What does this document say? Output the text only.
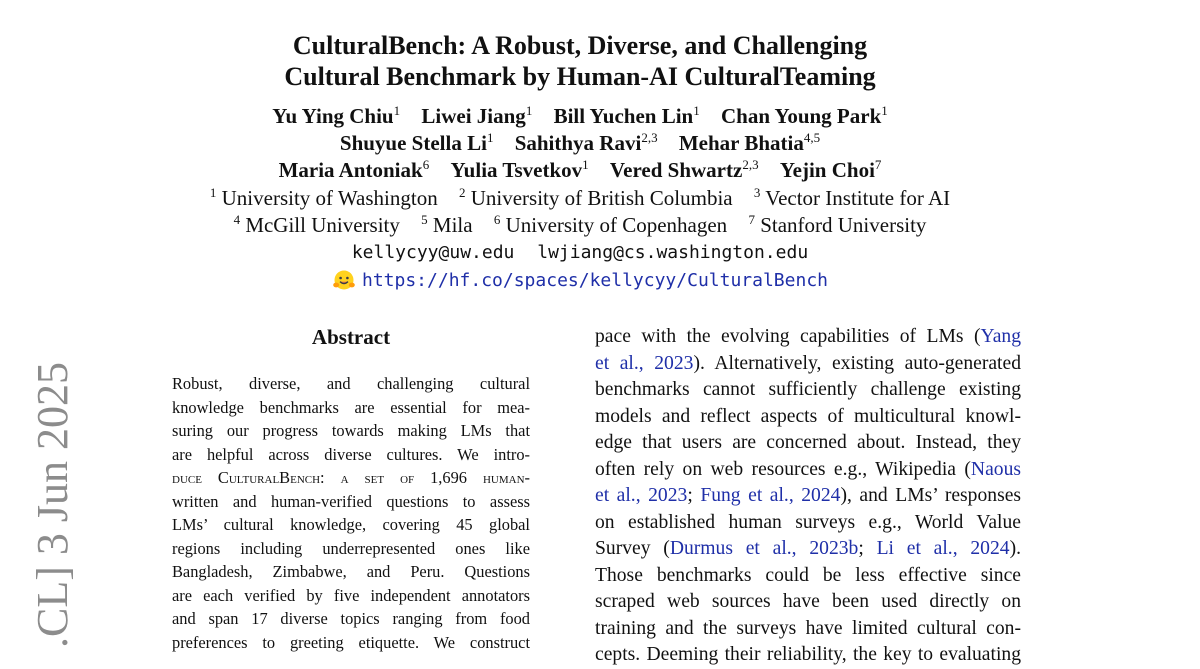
CulturalBench: A Robust, Diverse, and Challenging
Cultural Benchmark by Human-AI CulturalTeaming
Yu Ying Chiu$^1$ Liwei Jiang$^1$ Bill Yuchen Lin$^1$ Chan Young Park$^1$
Shuyue Stella Li$^1$ Sahithya Ravi$^{2,3}$ Mehar Bhatia$^{4,5}$
Maria Antoniak$^6$ Yulia Tsvetkov$^1$ Vered Shwartz$^{2,3}$ Yejin Choi$^7$
$^1$ University of Washington $^2$ University of British Columbia $^3$ Vector Institute for AI
$^4$ McGill University $^5$ Mila $^6$ University of Copenhagen $^7$ Stanford University
kellycyy@uw.edu lwjiang@cs.washington.edu
https://hf.co/spaces/kellycyy/CulturalBench
.CL] 3 Jun 2025
Abstract
Robust, diverse, and challenging cultural
knowledge benchmarks are essential for mea-
suring our progress towards making LMs that
are helpful across diverse cultures. We intro-
duce CulturalBench: a set of 1,696 human-
written and human-verified questions to assess
LMs’ cultural knowledge, covering 45 global
regions including underrepresented ones like
Bangladesh, Zimbabwe, and Peru. Questions
are each verified by five independent annotators
and span 17 diverse topics ranging from food
preferences to greeting etiquette. We construct
pace with the evolving capabilities of LMs (Yang
et al., 2023). Alternatively, existing auto-generated
benchmarks cannot sufficiently challenge existing
models and reflect aspects of multicultural knowl-
edge that users are concerned about. Instead, they
often rely on web resources e.g., Wikipedia (Naous
et al., 2023; Fung et al., 2024), and LMs’ responses
on established human surveys e.g., World Value
Survey (Durmus et al., 2023b; Li et al., 2024).
Those benchmarks could be less effective since
scraped web sources have been used directly on
training and the surveys have limited cultural con-
cepts. Deeming their reliability, the key to evaluating
